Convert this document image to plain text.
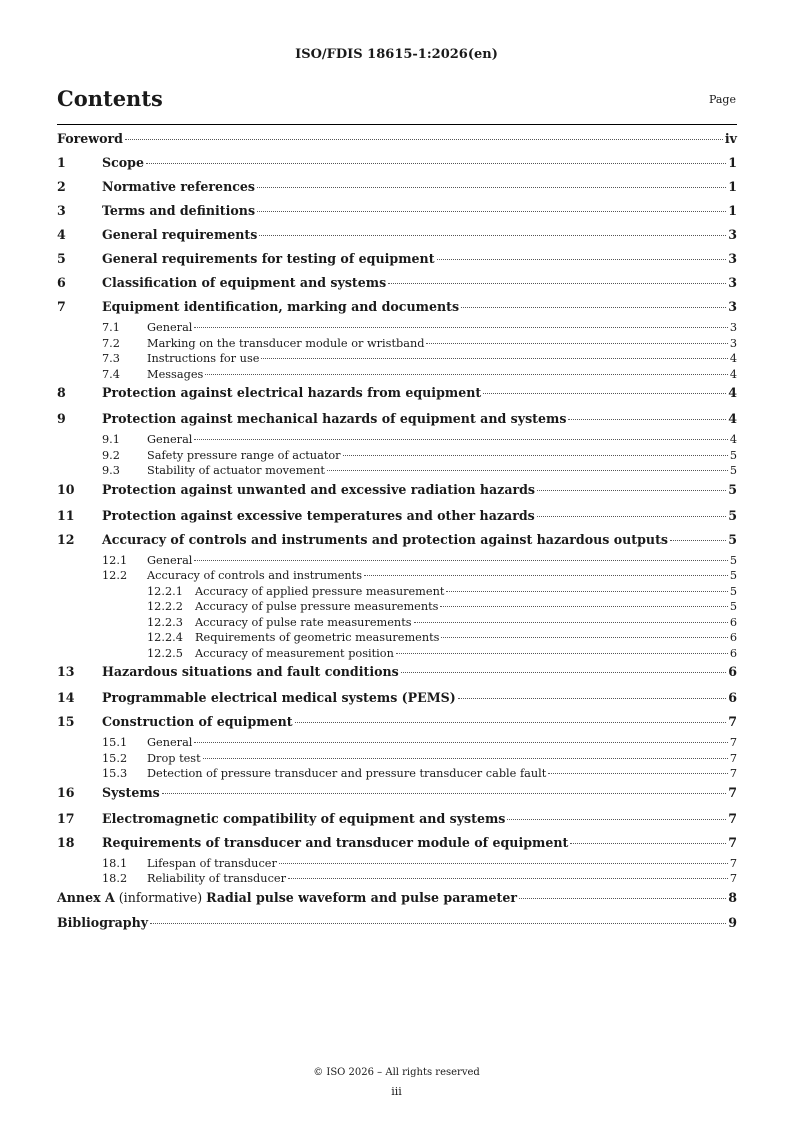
ISO/FDIS 18615-1:2026(en)
Contents	Page
Foreword	iv
1	Scope	1
2	Normative references	1
3	Terms and definitions	1
4	General requirements	3
5	General requirements for testing of equipment	3
6	Classification of equipment and systems	3
7	Equipment identification, marking and documents	3
7.1	General	3
7.2	Marking on the transducer module or wristband	3
7.3	Instructions for use	4
7.4	Messages	4
8	Protection against electrical hazards from equipment	4
9	Protection against mechanical hazards of equipment and systems	4
9.1	General	4
9.2	Safety pressure range of actuator	5
9.3	Stability of actuator movement	5
10	Protection against unwanted and excessive radiation hazards	5
11	Protection against excessive temperatures and other hazards	5
12	Accuracy of controls and instruments and protection against hazardous outputs	5
12.1	General	5
12.2	Accuracy of controls and instruments	5
12.2.1	Accuracy of applied pressure measurement	5
12.2.2	Accuracy of pulse pressure measurements	5
12.2.3	Accuracy of pulse rate measurements	6
12.2.4	Requirements of geometric measurements	6
12.2.5	Accuracy of measurement position	6
13	Hazardous situations and fault conditions	6
14	Programmable electrical medical systems (PEMS)	6
15	Construction of equipment	7
15.1	General	7
15.2	Drop test	7
15.3	Detection of pressure transducer and pressure transducer cable fault	7
16	Systems	7
17	Electromagnetic compatibility of equipment and systems	7
18	Requirements of transducer and transducer module of equipment	7
18.1	Lifespan of transducer	7
18.2	Reliability of transducer	7
Annex A (informative) Radial pulse waveform and pulse parameter	8
Bibliography	9
© ISO 2026 – All rights reserved
iii
